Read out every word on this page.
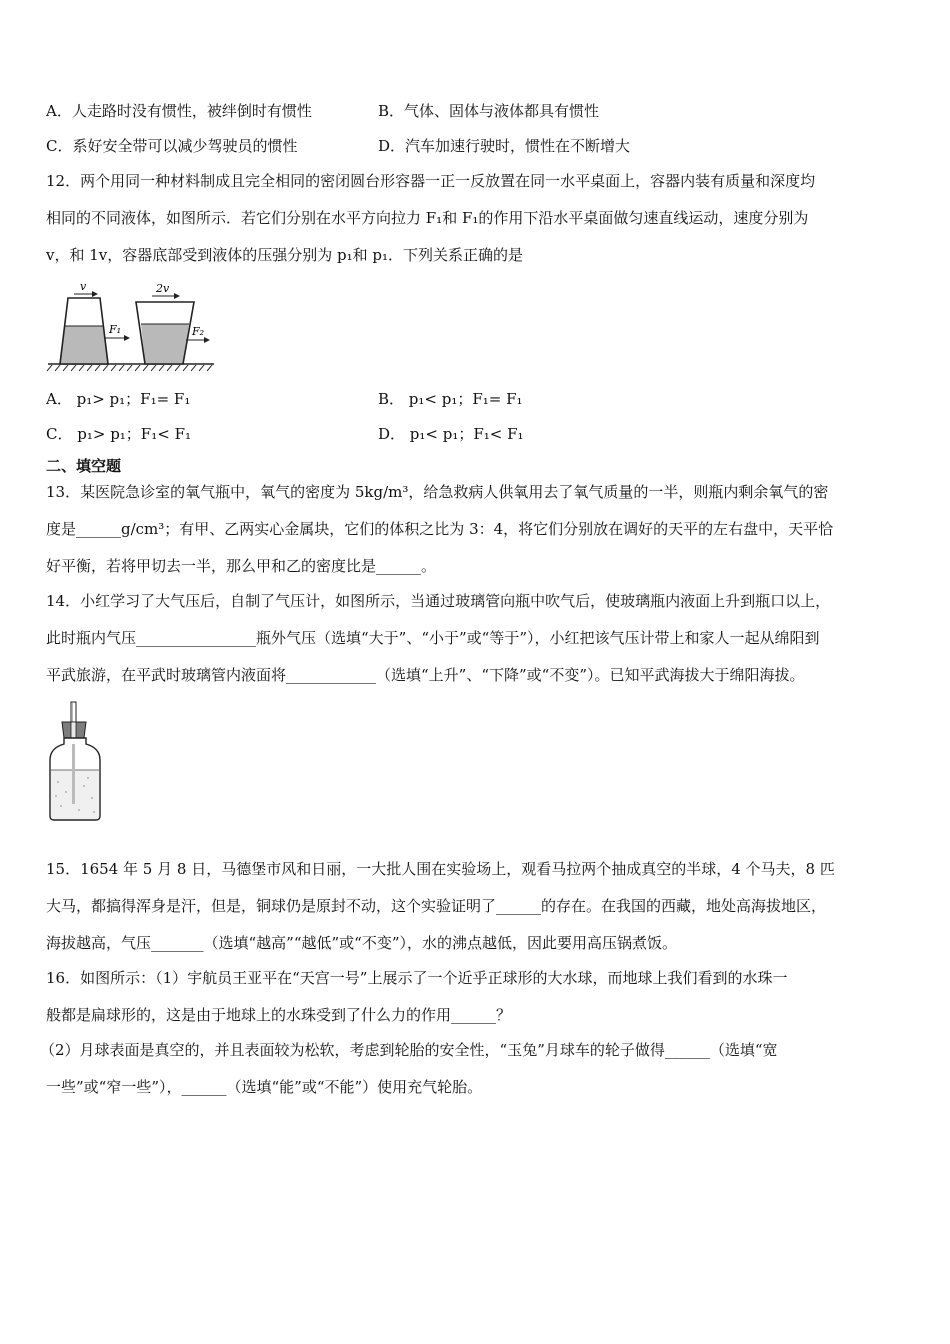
A．人走路时没有惯性，被绊倒时有惯性	B．气体、固体与液体都具有惯性
C．系好安全带可以减少驾驶员的惯性	D．汽车加速行驶时，惯性在不断增大
12．两个用同一种材料制成且完全相同的密闭圆台形容器一正一反放置在同一水平桌面上，容器内装有质量和深度均
相同的不同液体，如图所示．若它们分别在水平方向拉力 F₁和 F₁的作用下沿水平桌面做匀速直线运动，速度分别为
v，和 1v，容器底部受到液体的压强分别为 p₁和 p₁．下列关系正确的是
v	2v
F₁	F₂
A． p₁> p₁；F₁= F₁	B． p₁< p₁；F₁= F₁
C． p₁> p₁；F₁< F₁	D． p₁< p₁；F₁< F₁
二、填空题
13．某医院急诊室的氧气瓶中，氧气的密度为 5kg/m³，给急救病人供氧用去了氧气质量的一半，则瓶内剩余氧气的密
度是______g/cm³；有甲、乙两实心金属块，它们的体积之比为 3：4，将它们分别放在调好的天平的左右盘中，天平恰
好平衡，若将甲切去一半，那么甲和乙的密度比是______。
14．小红学习了大气压后，自制了气压计，如图所示，当通过玻璃管向瓶中吹气后，使玻璃瓶内液面上升到瓶口以上，
此时瓶内气压________________瓶外气压（选填“大于”、“小于”或“等于”），小红把该气压计带上和家人一起从绵阳到
平武旅游，在平武时玻璃管内液面将____________（选填“上升”、“下降”或“不变”）。已知平武海拔大于绵阳海拔。
15．1654 年 5 月 8 日，马德堡市风和日丽，一大批人围在实验场上，观看马拉两个抽成真空的半球，4 个马夫，8 匹
大马，都搞得浑身是汗，但是，铜球仍是原封不动，这个实验证明了______的存在。在我国的西藏，地处高海拔地区，
海拔越高，气压_______（选填“越高”“越低”或“不变”），水的沸点越低，因此要用高压锅煮饭。
16．如图所示：（1）宇航员王亚平在“天宫一号”上展示了一个近乎正球形的大水球，而地球上我们看到的水珠一
般都是扁球形的，这是由于地球上的水珠受到了什么力的作用______？
（2）月球表面是真空的，并且表面较为松软，考虑到轮胎的安全性，“玉兔”月球车的轮子做得______（选填“宽
一些”或“窄一些”），______（选填“能”或“不能”）使用充气轮胎。
